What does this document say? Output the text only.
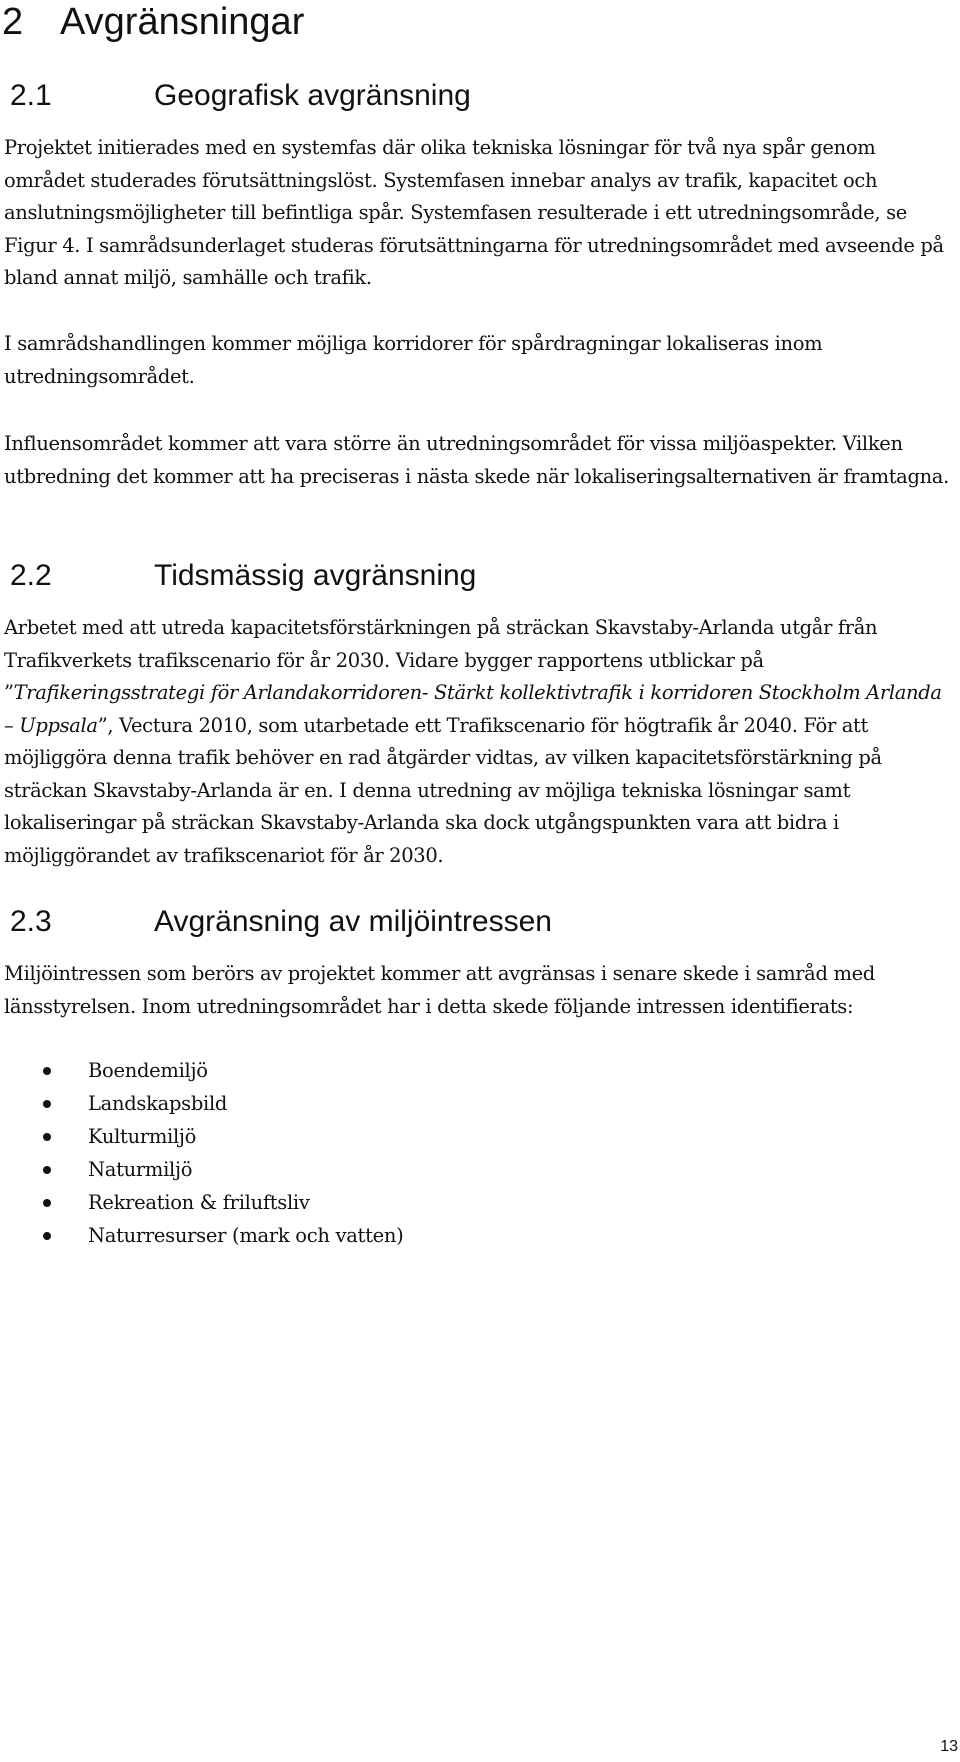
2 Avgränsningar
2.1	Geografisk avgränsning

Projektet initierades med en systemfas där olika tekniska lösningar för två nya spår genom området studerades förutsättningslöst. Systemfasen innebar analys av trafik, kapacitet och anslutningsmöjligheter till befintliga spår. Systemfasen resulterade i ett utredningsområde, se Figur 4. I samrådsunderlaget studeras förutsättningarna för utredningsområdet med avseende på bland annat miljö, samhälle och trafik.

I samrådshandlingen kommer möjliga korridorer för spårdragningar lokaliseras inom utredningsområdet.

Influensområdet kommer att vara större än utredningsområdet för vissa miljöaspekter. Vilken utbredning det kommer att ha preciseras i nästa skede när lokaliseringsalternativen är framtagna.

2.2	Tidsmässig avgränsning

Arbetet med att utreda kapacitetsförstärkningen på sträckan Skavstaby-Arlanda utgår från Trafikverkets trafikscenario för år 2030. Vidare bygger rapportens utblickar på ”Trafikeringsstrategi för Arlandakorridoren- Stärkt kollektivtrafik i korridoren Stockholm Arlanda – Uppsala”, Vectura 2010, som utarbetade ett Trafikscenario för högtrafik år 2040. För att möjliggöra denna trafik behöver en rad åtgärder vidtas, av vilken kapacitetsförstärkning på sträckan Skavstaby-Arlanda är en. I denna utredning av möjliga tekniska lösningar samt lokaliseringar på sträckan Skavstaby-Arlanda ska dock utgångspunkten vara att bidra i möjliggörandet av trafikscenariot för år 2030.

2.3	Avgränsning av miljöintressen

Miljöintressen som berörs av projektet kommer att avgränsas i senare skede i samråd med länsstyrelsen. Inom utredningsområdet har i detta skede följande intressen identifierats:

Boendemiljö
Landskapsbild
Kulturmiljö
Naturmiljö
Rekreation & friluftsliv
Naturresurser (mark och vatten)
13
